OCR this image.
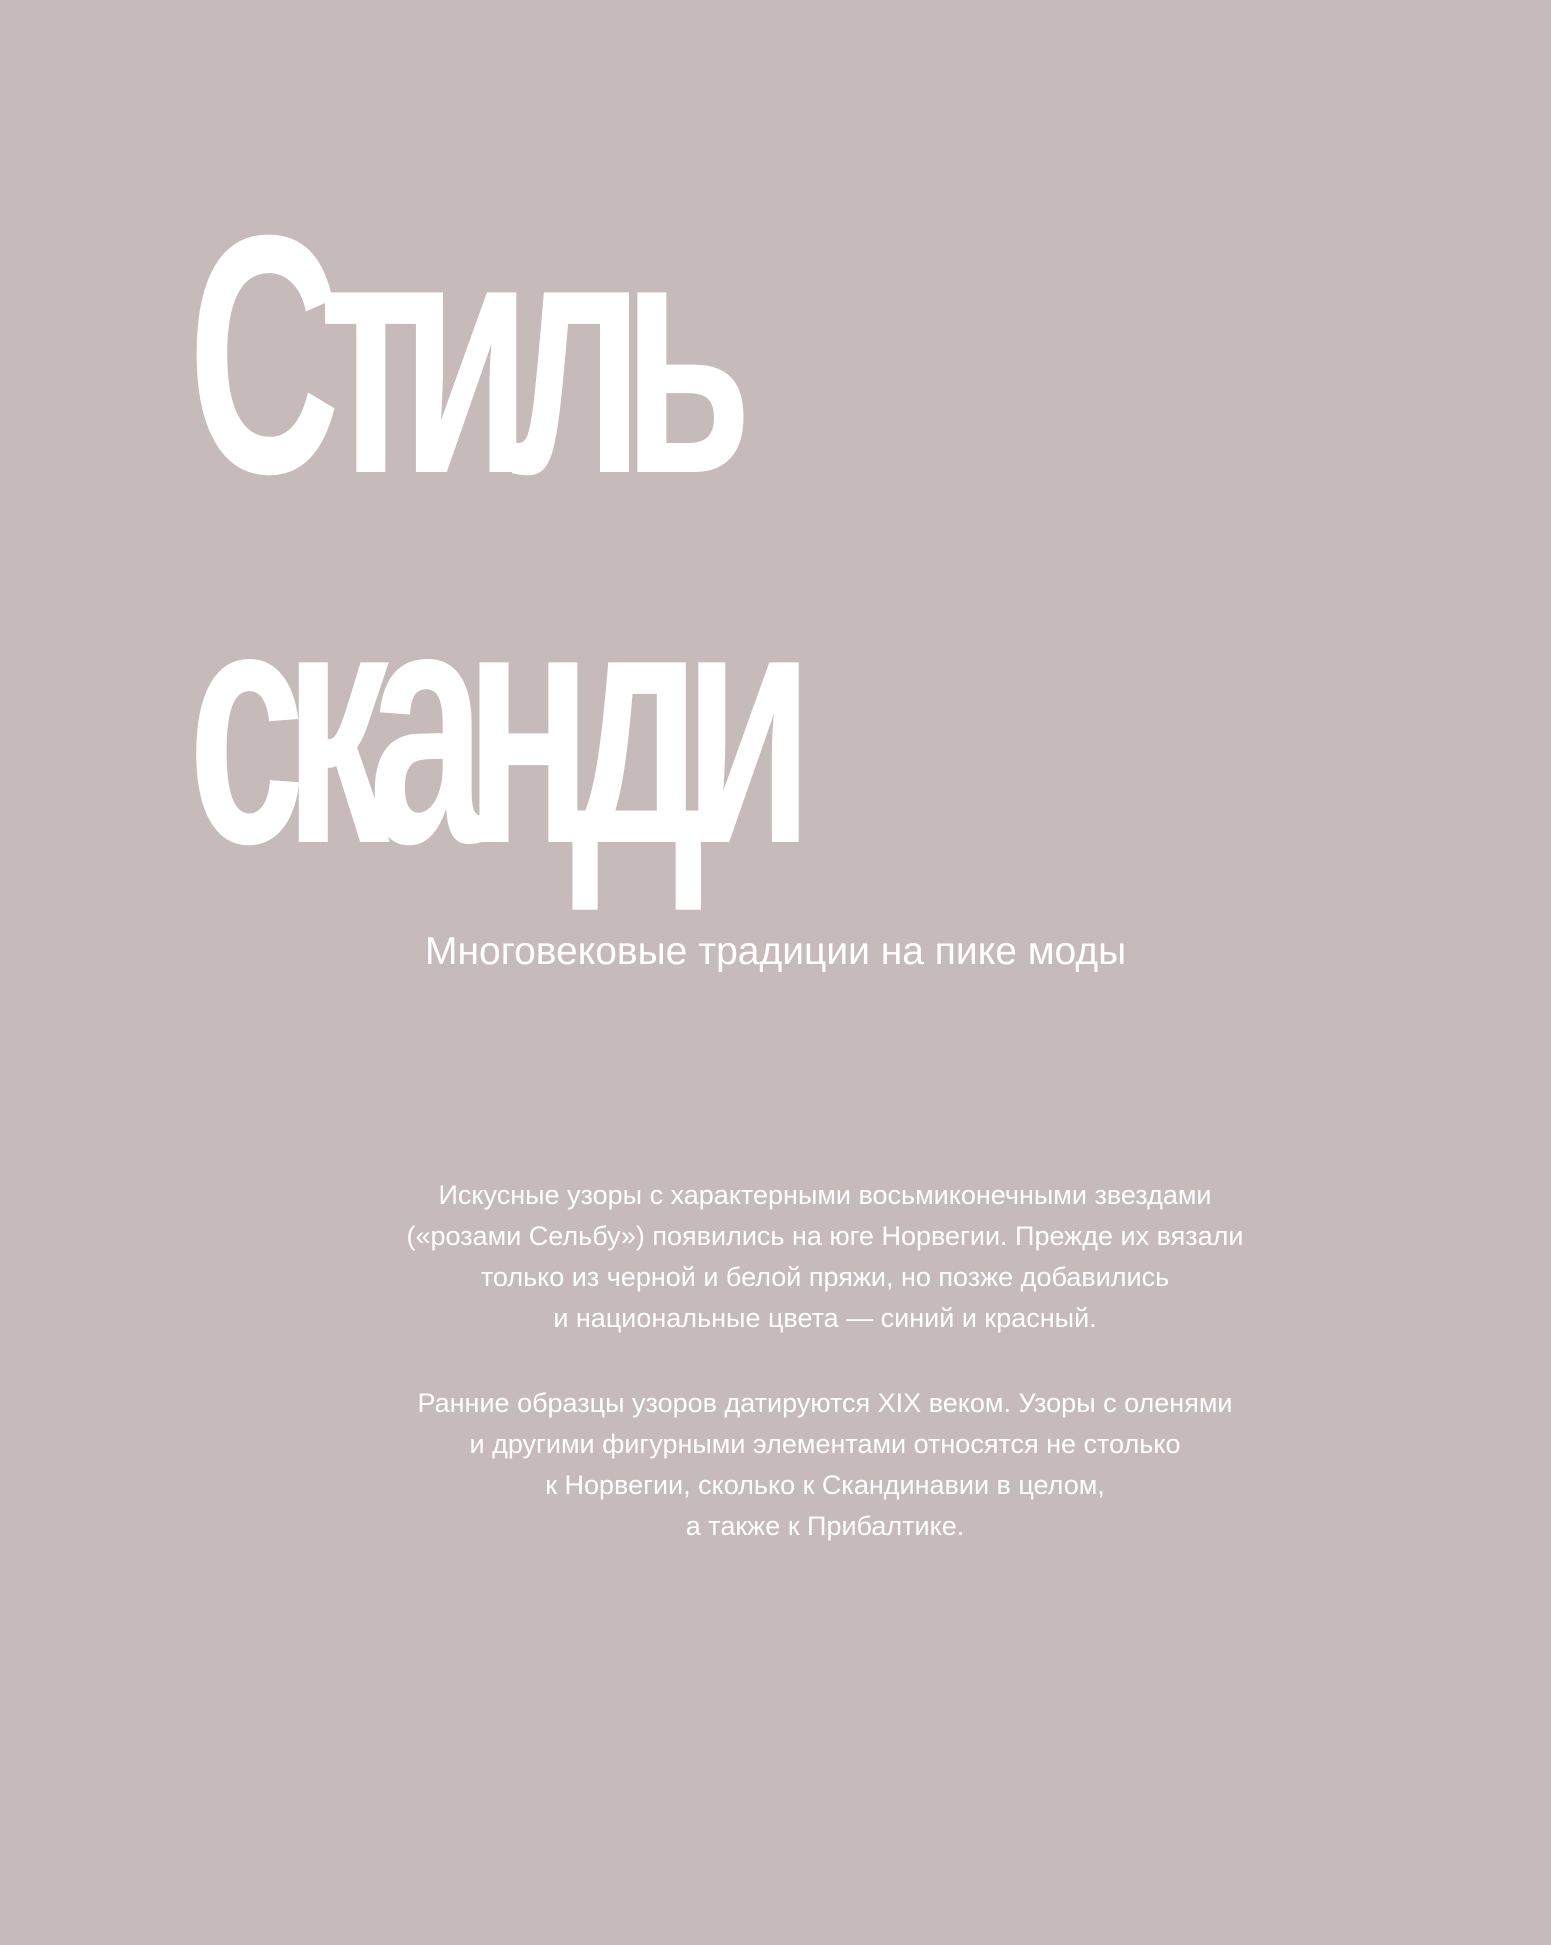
Стиль
сканди

Многовековые традиции на пике моды

Искусные узоры с характерными восьмиконечными звездами
(«розами Сельбу») появились на юге Норвегии. Прежде их вязали
только из черной и белой пряжи, но позже добавились
и национальные цвета — синий и красный.

Ранние образцы узоров датируются XIX веком. Узоры с оленями
и другими фигурными элементами относятся не столько
к Норвегии, сколько к Скандинавии в целом,
а также к Прибалтике.
